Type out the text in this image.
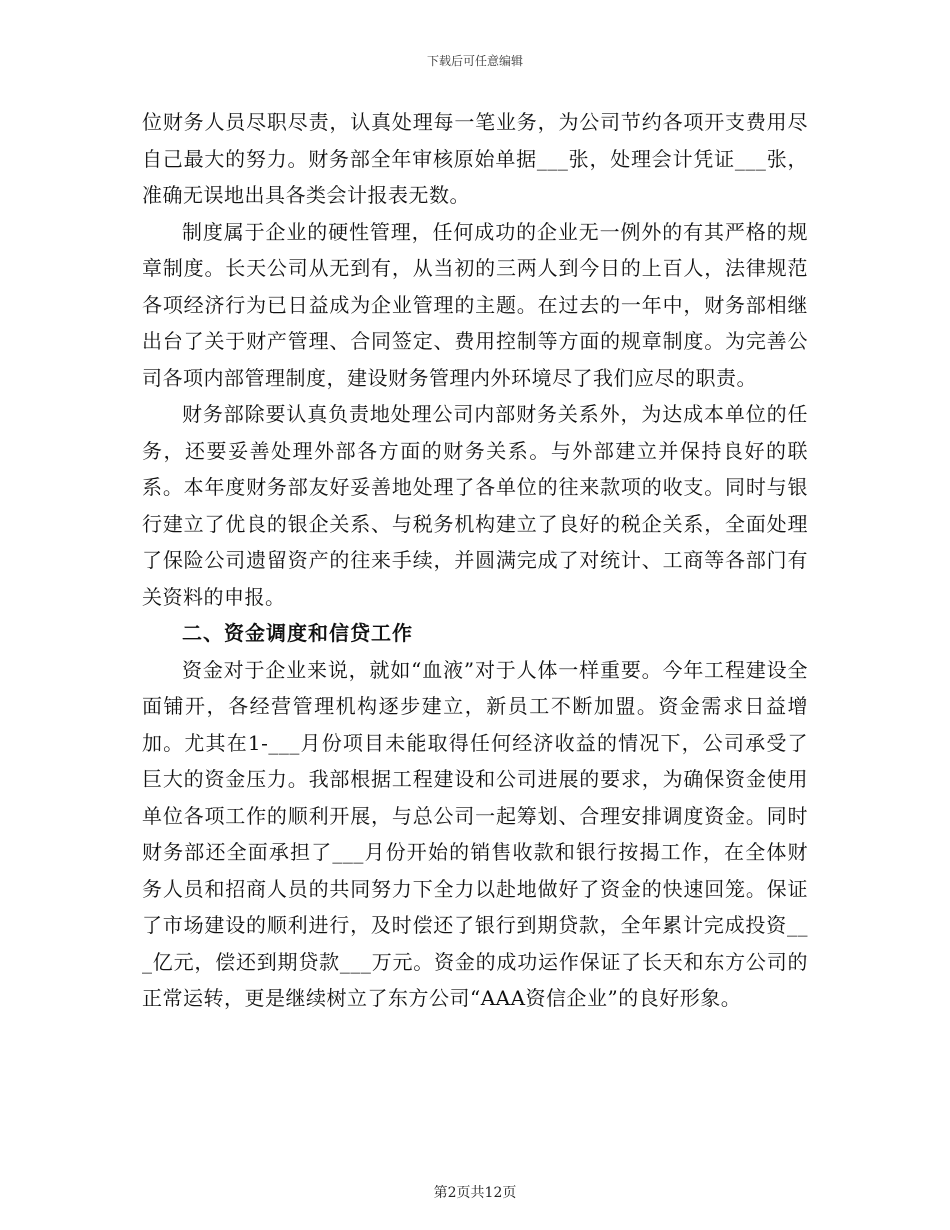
下载后可任意编辑

位财务人员尽职尽责，认真处理每一笔业务，为公司节约各项开支费用尽自己最大的努力。财务部全年审核原始单据___张，处理会计凭证___张，准确无误地出具各类会计报表无数。

制度属于企业的硬性管理，任何成功的企业无一例外的有其严格的规章制度。长天公司从无到有，从当初的三两人到今日的上百人，法律规范各项经济行为已日益成为企业管理的主题。在过去的一年中，财务部相继出台了关于财产管理、合同签定、费用控制等方面的规章制度。为完善公司各项内部管理制度，建设财务管理内外环境尽了我们应尽的职责。

财务部除要认真负责地处理公司内部财务关系外，为达成本单位的任务，还要妥善处理外部各方面的财务关系。与外部建立并保持良好的联系。本年度财务部友好妥善地处理了各单位的往来款项的收支。同时与银行建立了优良的银企关系、与税务机构建立了良好的税企关系，全面处理了保险公司遗留资产的往来手续，并圆满完成了对统计、工商等各部门有关资料的申报。

二、资金调度和信贷工作

资金对于企业来说，就如“血液”对于人体一样重要。今年工程建设全面铺开，各经营管理机构逐步建立，新员工不断加盟。资金需求日益增加。尤其在1-___月份项目未能取得任何经济收益的情况下，公司承受了巨大的资金压力。我部根据工程建设和公司进展的要求，为确保资金使用单位各项工作的顺利开展，与总公司一起筹划、合理安排调度资金。同时财务部还全面承担了___月份开始的销售收款和银行按揭工作，在全体财务人员和招商人员的共同努力下全力以赴地做好了资金的快速回笼。保证了市场建设的顺利进行，及时偿还了银行到期贷款，全年累计完成投资___亿元，偿还到期贷款___万元。资金的成功运作保证了长天和东方公司的正常运转，更是继续树立了东方公司“AAA资信企业”的良好形象。

第2页共12页
